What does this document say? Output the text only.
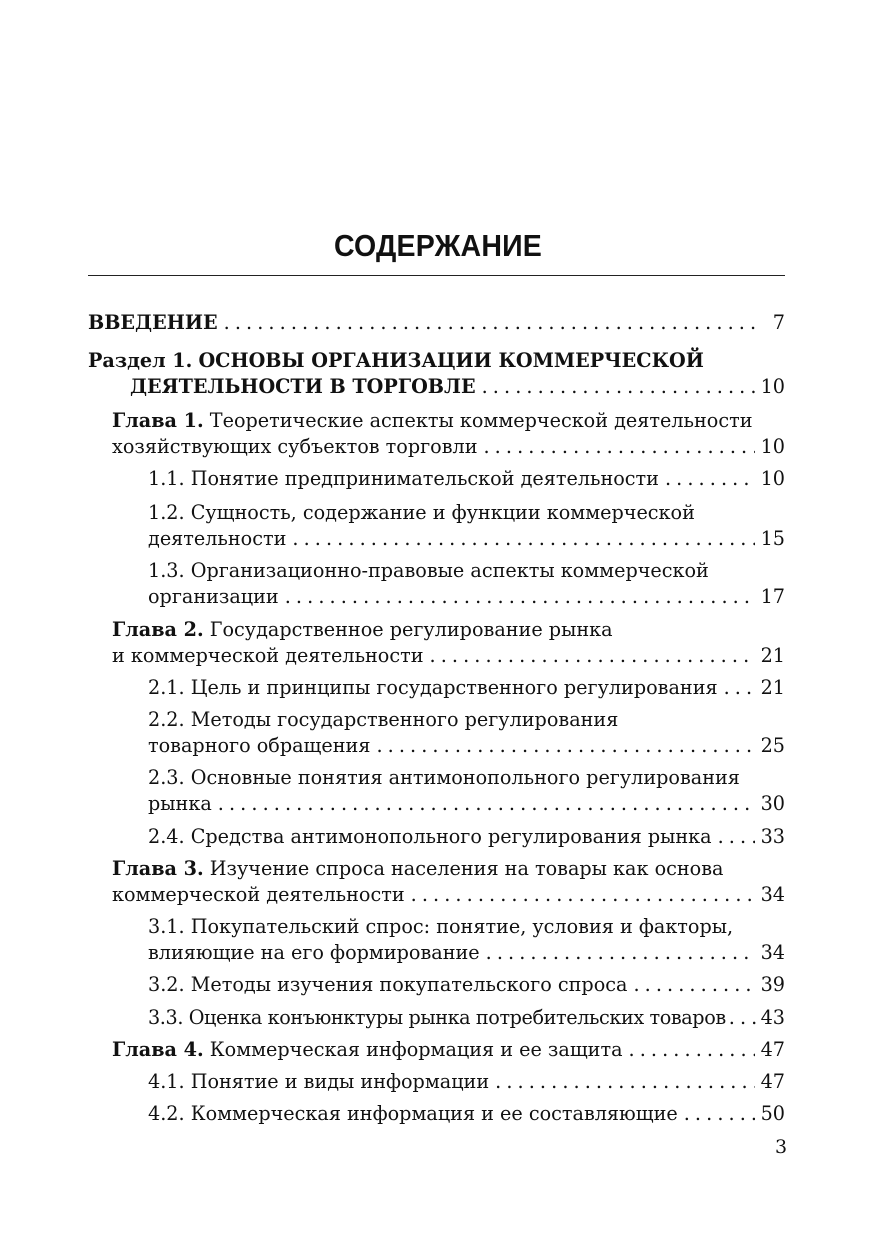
СОДЕРЖАНИЕ
ВВЕДЕНИЕ . . .	7
Раздел 1.
ОСНОВЫ ОРГАНИЗАЦИИ КОММЕРЧЕСКОЙ
ДЕЯТЕЛЬНОСТИ В ТОРГОВЛЕ . . .	10
Глава 1.
Теоретические аспекты коммерческой деятельности
хозяйствующих субъектов торговли . . .	10
1.1. Понятие предпринимательской деятельности . . .	10
1.2. Сущность, содержание и функции коммерческой
деятельности . . .	15
1.3. Организационно-правовые аспекты коммерческой
организации . . .	17
Глава 2.
Государственное регулирование рынка
и коммерческой деятельности . . .	21
2.1. Цель и принципы государственного регулирования . . . 21
2.2. Методы государственного регулирования
товарного обращения . . .	25
2.3. Основные понятия антимонопольного регулирования
рынка . . .	30
2.4. Средства антимонопольного регулирования рынка . . .	33
Глава 3.
Изучение спроса населения на товары как основа
коммерческой деятельности . . .	34
3.1. Покупательский спрос: понятие, условия и факторы,
влияющие на его формирование . . .	34
3.2. Методы изучения покупательского спроса . . .	39
3.3. Оценка конъюнктуры рынка потребительских товаров . . . 43
Глава 4.
Коммерческая информация и ее защита . . .	47
4.1. Понятие и виды информации . . .	47
4.2. Коммерческая информация и ее составляющие . . .	50
3
